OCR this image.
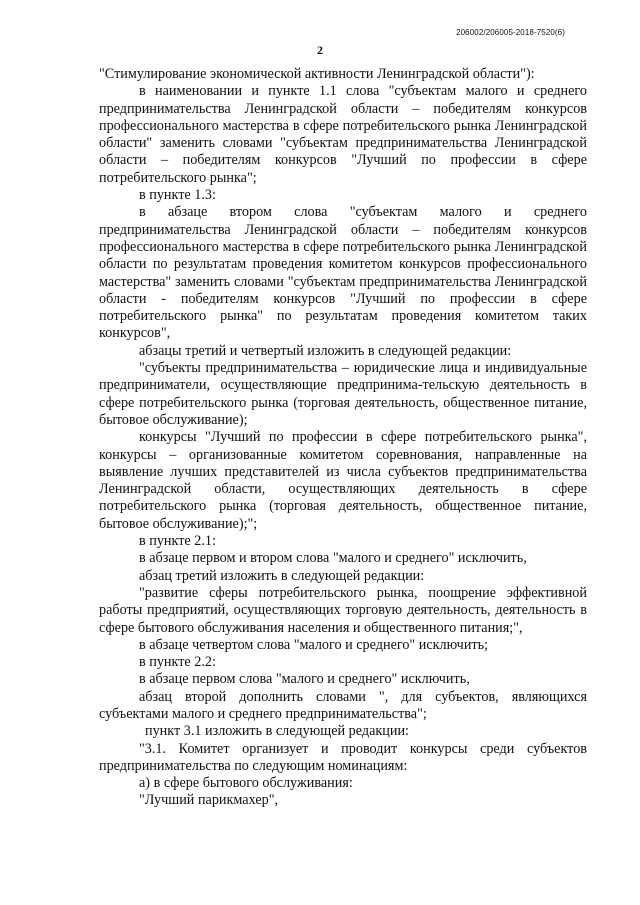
206002/206005-2018-7520(6)
2

"Стимулирование экономической активности Ленинградской области"):

в наименовании и пункте 1.1 слова "субъектам малого и среднего предпринимательства Ленинградской области – победителям конкурсов профессионального мастерства в сфере потребительского рынка Ленинградской области" заменить словами "субъектам предпринимательства Ленинградской области – победителям конкурсов "Лучший по профессии в сфере потребительского рынка";

в пункте 1.3:

в абзаце втором слова "субъектам малого и среднего предпринимательства Ленинградской области – победителям конкурсов профессионального мастерства в сфере потребительского рынка Ленинградской области по результатам проведения комитетом конкурсов профессионального мастерства" заменить словами "субъектам предпринимательства Ленинградской области - победителям конкурсов "Лучший по профессии в сфере потребительского рынка" по результатам проведения комитетом таких конкурсов",

абзацы третий и четвертый изложить в следующей редакции:

"субъекты предпринимательства – юридические лица и индивидуальные предприниматели, осуществляющие предпринима-тельскую деятельность в сфере потребительского рынка (торговая деятельность, общественное питание, бытовое обслуживание);

конкурсы "Лучший по профессии в сфере потребительского рынка", конкурсы – организованные комитетом соревнования, направленные на выявление лучших представителей из числа субъектов предпринимательства Ленинградской области, осуществляющих деятельность в сфере потребительского рынка (торговая деятельность, общественное питание, бытовое обслуживание);";

в пункте 2.1:

в абзаце первом и втором слова "малого и среднего" исключить,

абзац третий изложить в следующей редакции:

"развитие сферы потребительского рынка, поощрение эффективной работы предприятий, осуществляющих торговую деятельность, деятельность в сфере бытового обслуживания населения и общественного питания;",

в абзаце четвертом слова "малого и среднего" исключить;

в пункте 2.2:

в абзаце первом слова "малого и среднего" исключить,

абзац второй дополнить словами ", для субъектов, являющихся субъектами малого и среднего предпринимательства";

пункт 3.1 изложить в следующей редакции:

"3.1. Комитет организует и проводит конкурсы среди субъектов предпринимательства по следующим номинациям:

а) в сфере бытового обслуживания:

"Лучший парикмахер",
